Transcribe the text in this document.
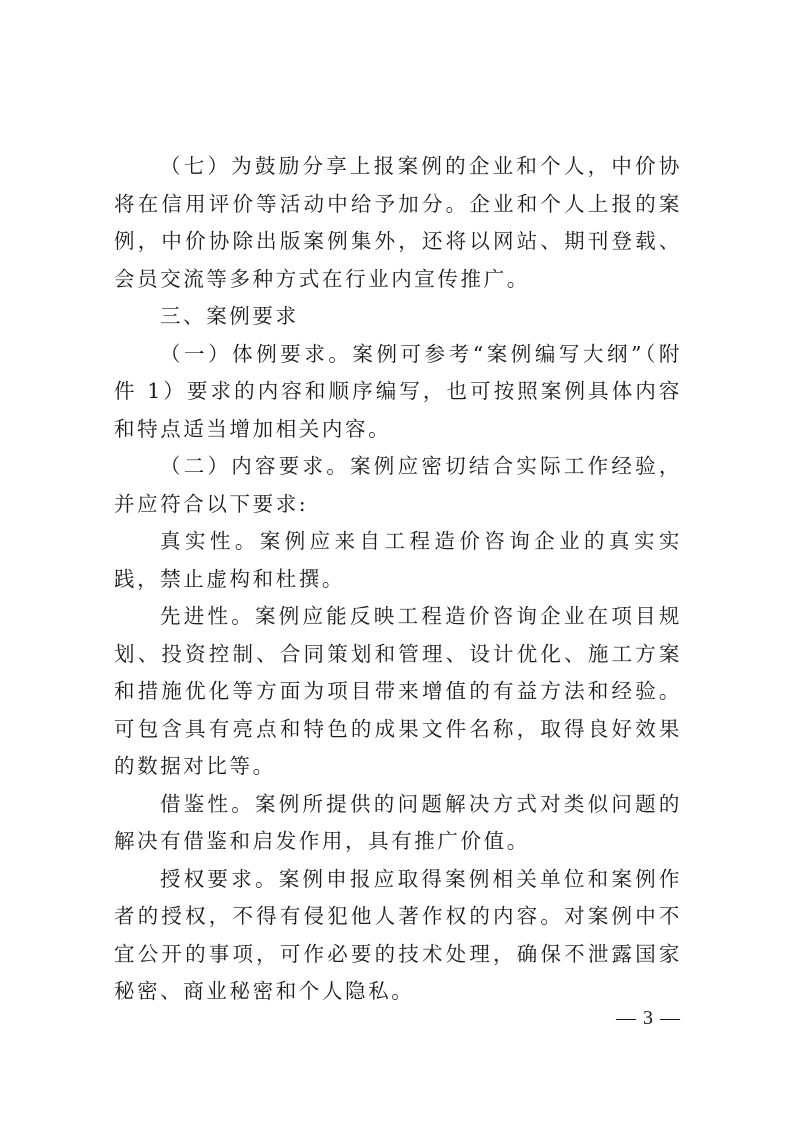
（七）为鼓励分享上报案例的企业和个人，中价协将在信用评价等活动中给予加分。企业和个人上报的案例，中价协除出版案例集外，还将以网站、期刊登载、会员交流等多种方式在行业内宣传推广。

三、案例要求

（一）体例要求。案例可参考“案例编写大纲”（附件 1）要求的内容和顺序编写，也可按照案例具体内容和特点适当增加相关内容。

（二）内容要求。案例应密切结合实际工作经验，并应符合以下要求:

真实性。案例应来自工程造价咨询企业的真实实践，禁止虚构和杜撰。

先进性。案例应能反映工程造价咨询企业在项目规划、投资控制、合同策划和管理、设计优化、施工方案和措施优化等方面为项目带来增值的有益方法和经验。可包含具有亮点和特色的成果文件名称，取得良好效果的数据对比等。

借鉴性。案例所提供的问题解决方式对类似问题的解决有借鉴和启发作用，具有推广价值。

授权要求。案例申报应取得案例相关单位和案例作者的授权，不得有侵犯他人著作权的内容。对案例中不宜公开的事项，可作必要的技术处理，确保不泄露国家秘密、商业秘密和个人隐私。

— 3 —
